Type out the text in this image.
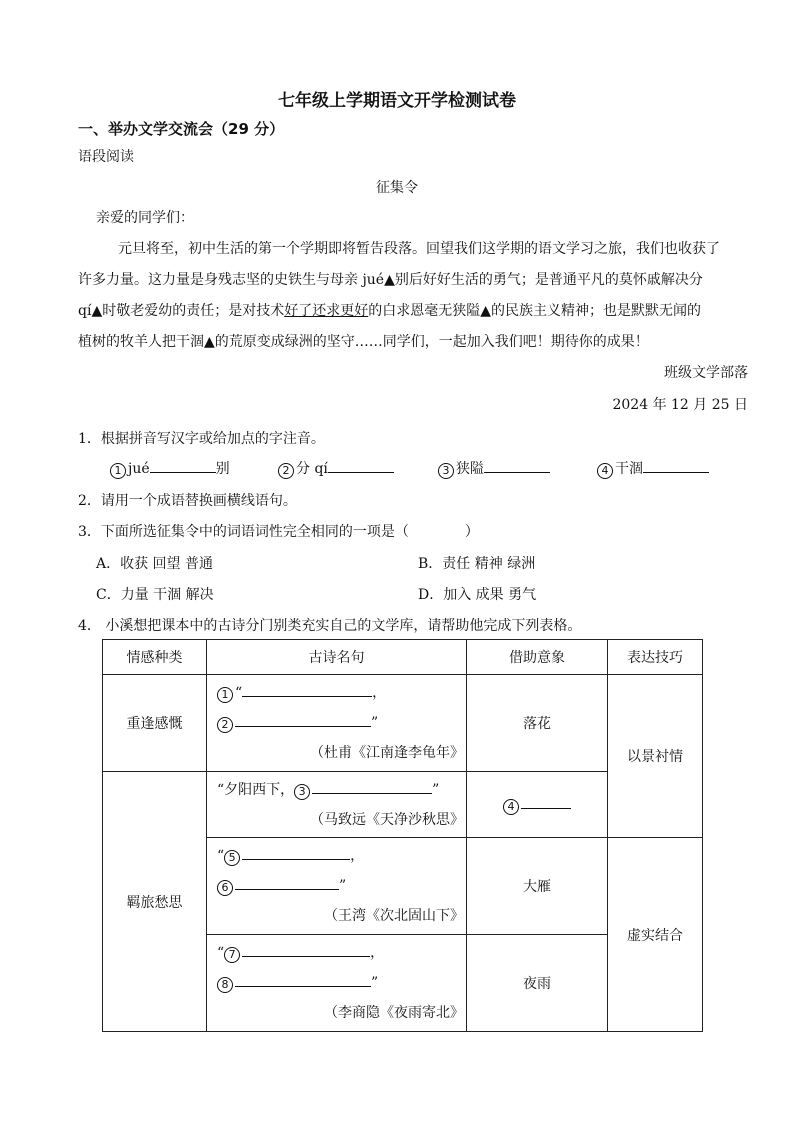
七年级上学期语文开学检测试卷
一、举办文学交流会（29 分）
语段阅读
征集令
亲爱的同学们：
元旦将至，初中生活的第一个学期即将暂告段落。回望我们这学期的语文学习之旅，我们也收获了
许多力量。这力量是身残志坚的史铁生与母亲 jué▲别后好好生活的勇气；是普通平凡的莫怀戚解决分
qí▲时敬老爱幼的责任；是对技术好了还求更好的白求恩毫无狭隘▲的民族主义精神；也是默默无闻的
植树的牧羊人把干涸▲的荒原变成绿洲的坚守……同学们，一起加入我们吧！期待你的成果！
班级文学部落
2024 年 12 月 25 日
1．根据拼音写汉字或给加点的字注音。
1 jué	别	2 分 qí	3 狭隘	4 干涸
2．请用一个成语替换画横线语句。
3．下面所选征集令中的词语词性完全相同的一项是（　　　　）
A．收获 回望 普通	B．责任 精神 绿洲
C．力量 干涸 解决	D．加入 成果 勇气
4． 小溪想把课本中的古诗分门别类充实自己的文学库，请帮助他完成下列表格。
情感种类	古诗名句	借助意象	表达技巧
重逢感慨	1 “ ，
2 ”
（杜甫《江南逢李龟年》	落花	以景衬情
羁旅愁思	“夕阳西下， 3 ”
（马致远《天净沙秋思》	4	

	“ 5 ，
6 ”
（王湾《次北固山下》	大雁	虚实结合

	“ 7 ，
8 ”
（李商隐《夜雨寄北》	夜雨	
